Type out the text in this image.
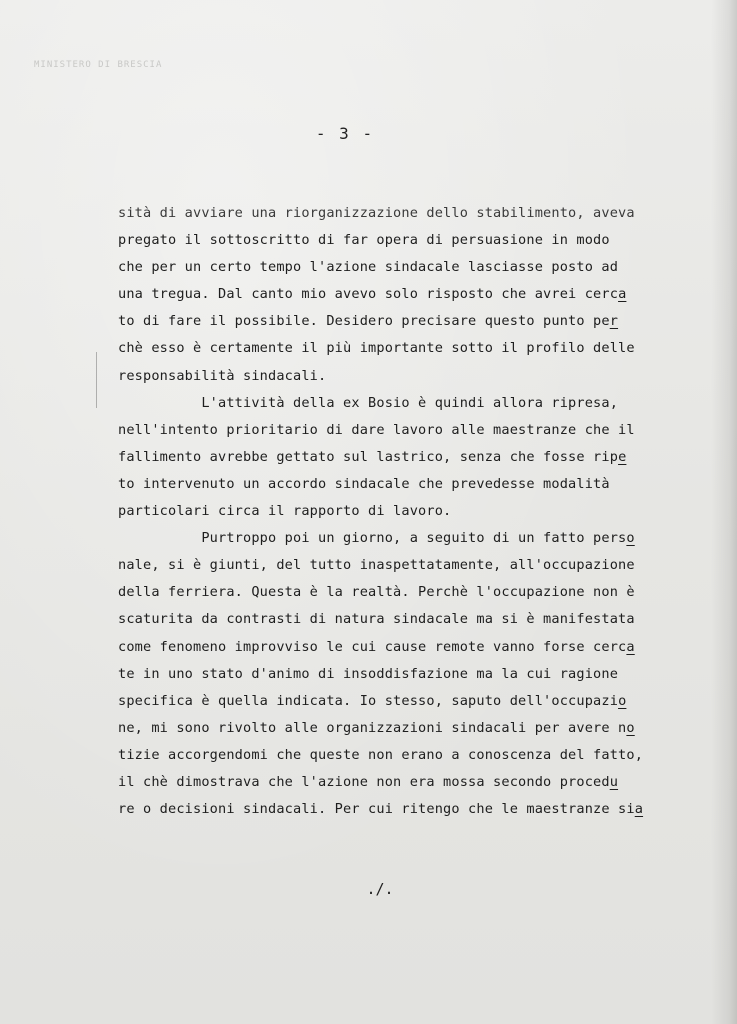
MINISTERO DI BRESCIA
- 3 -
sità di avviare una riorganizzazione dello stabilimento, aveva
pregato il sottoscritto di far opera di persuasione in modo
che per un certo tempo l'azione sindacale lasciasse posto ad
una tregua. Dal canto mio avevo solo risposto che avrei cerca
to di fare il possibile. Desidero precisare questo punto per
chè esso è certamente il più importante sotto il profilo delle
responsabilità sindacali.
L'attività della ex Bosio è quindi allora ripresa,
nell'intento prioritario di dare lavoro alle maestranze che il
fallimento avrebbe gettato sul lastrico, senza che fosse ripe
to intervenuto un accordo sindacale che prevedesse modalità
particolari circa il rapporto di lavoro.
Purtroppo poi un giorno, a seguito di un fatto perso
nale, si è giunti, del tutto inaspettatamente, all'occupazione
della ferriera. Questa è la realtà. Perchè l'occupazione non è
scaturita da contrasti di natura sindacale ma si è manifestata
come fenomeno improvviso le cui cause remote vanno forse cerca
te in uno stato d'animo di insoddisfazione ma la cui ragione
specifica è quella indicata. Io stesso, saputo dell'occupazio
ne, mi sono rivolto alle organizzazioni sindacali per avere no
tizie accorgendomi che queste non erano a conoscenza del fatto,
il chè dimostrava che l'azione non era mossa secondo procedu
re o decisioni sindacali. Per cui ritengo che le maestranze sia
./.
